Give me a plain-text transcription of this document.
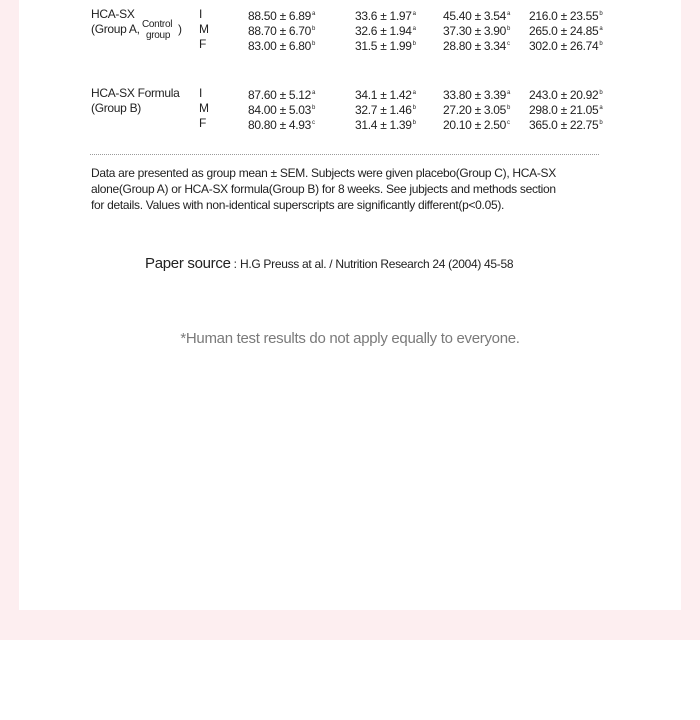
HCA-SX
(Group A, Control
group )
I	88.50 ± 6.89$^a$	33.6 ± 1.97$^a$ 45.40 ± 3.54$^a$ 216.0 ± 23.55$^b$
M	88.70 ± 6.70$^b$	32.6 ± 1.94$^a$ 37.30 ± 3.90$^b$ 265.0 ± 24.85$^a$
F	83.00 ± 6.80$^b$	31.5 ± 1.99$^b$ 28.80 ± 3.34$^c$ 302.0 ± 26.74$^b$
HCA-SX Formula
(Group B)
I	87.60 ± 5.12$^a$	34.1 ± 1.42$^a$ 33.80 ± 3.39$^a$ 243.0 ± 20.92$^b$
M	84.00 ± 5.03$^b$	32.7 ± 1.46$^b$ 27.20 ± 3.05$^b$ 298.0 ± 21.05$^a$
F	80.80 ± 4.93$^c$	31.4 ± 1.39$^b$ 20.10 ± 2.50$^c$ 365.0 ± 22.75$^b$
Data are presented as group mean ± SEM. Subjects were given placebo(Group C), HCA-SX alone(Group A) or HCA-SX formula(Group B) for 8 weeks. See jubjects and methods section for details. Values with non-identical superscripts are significantly different(p<0.05).
Paper source : H.G Preuss at al. / Nutrition Research 24 (2004) 45-58
*Human test results do not apply equally to everyone.
